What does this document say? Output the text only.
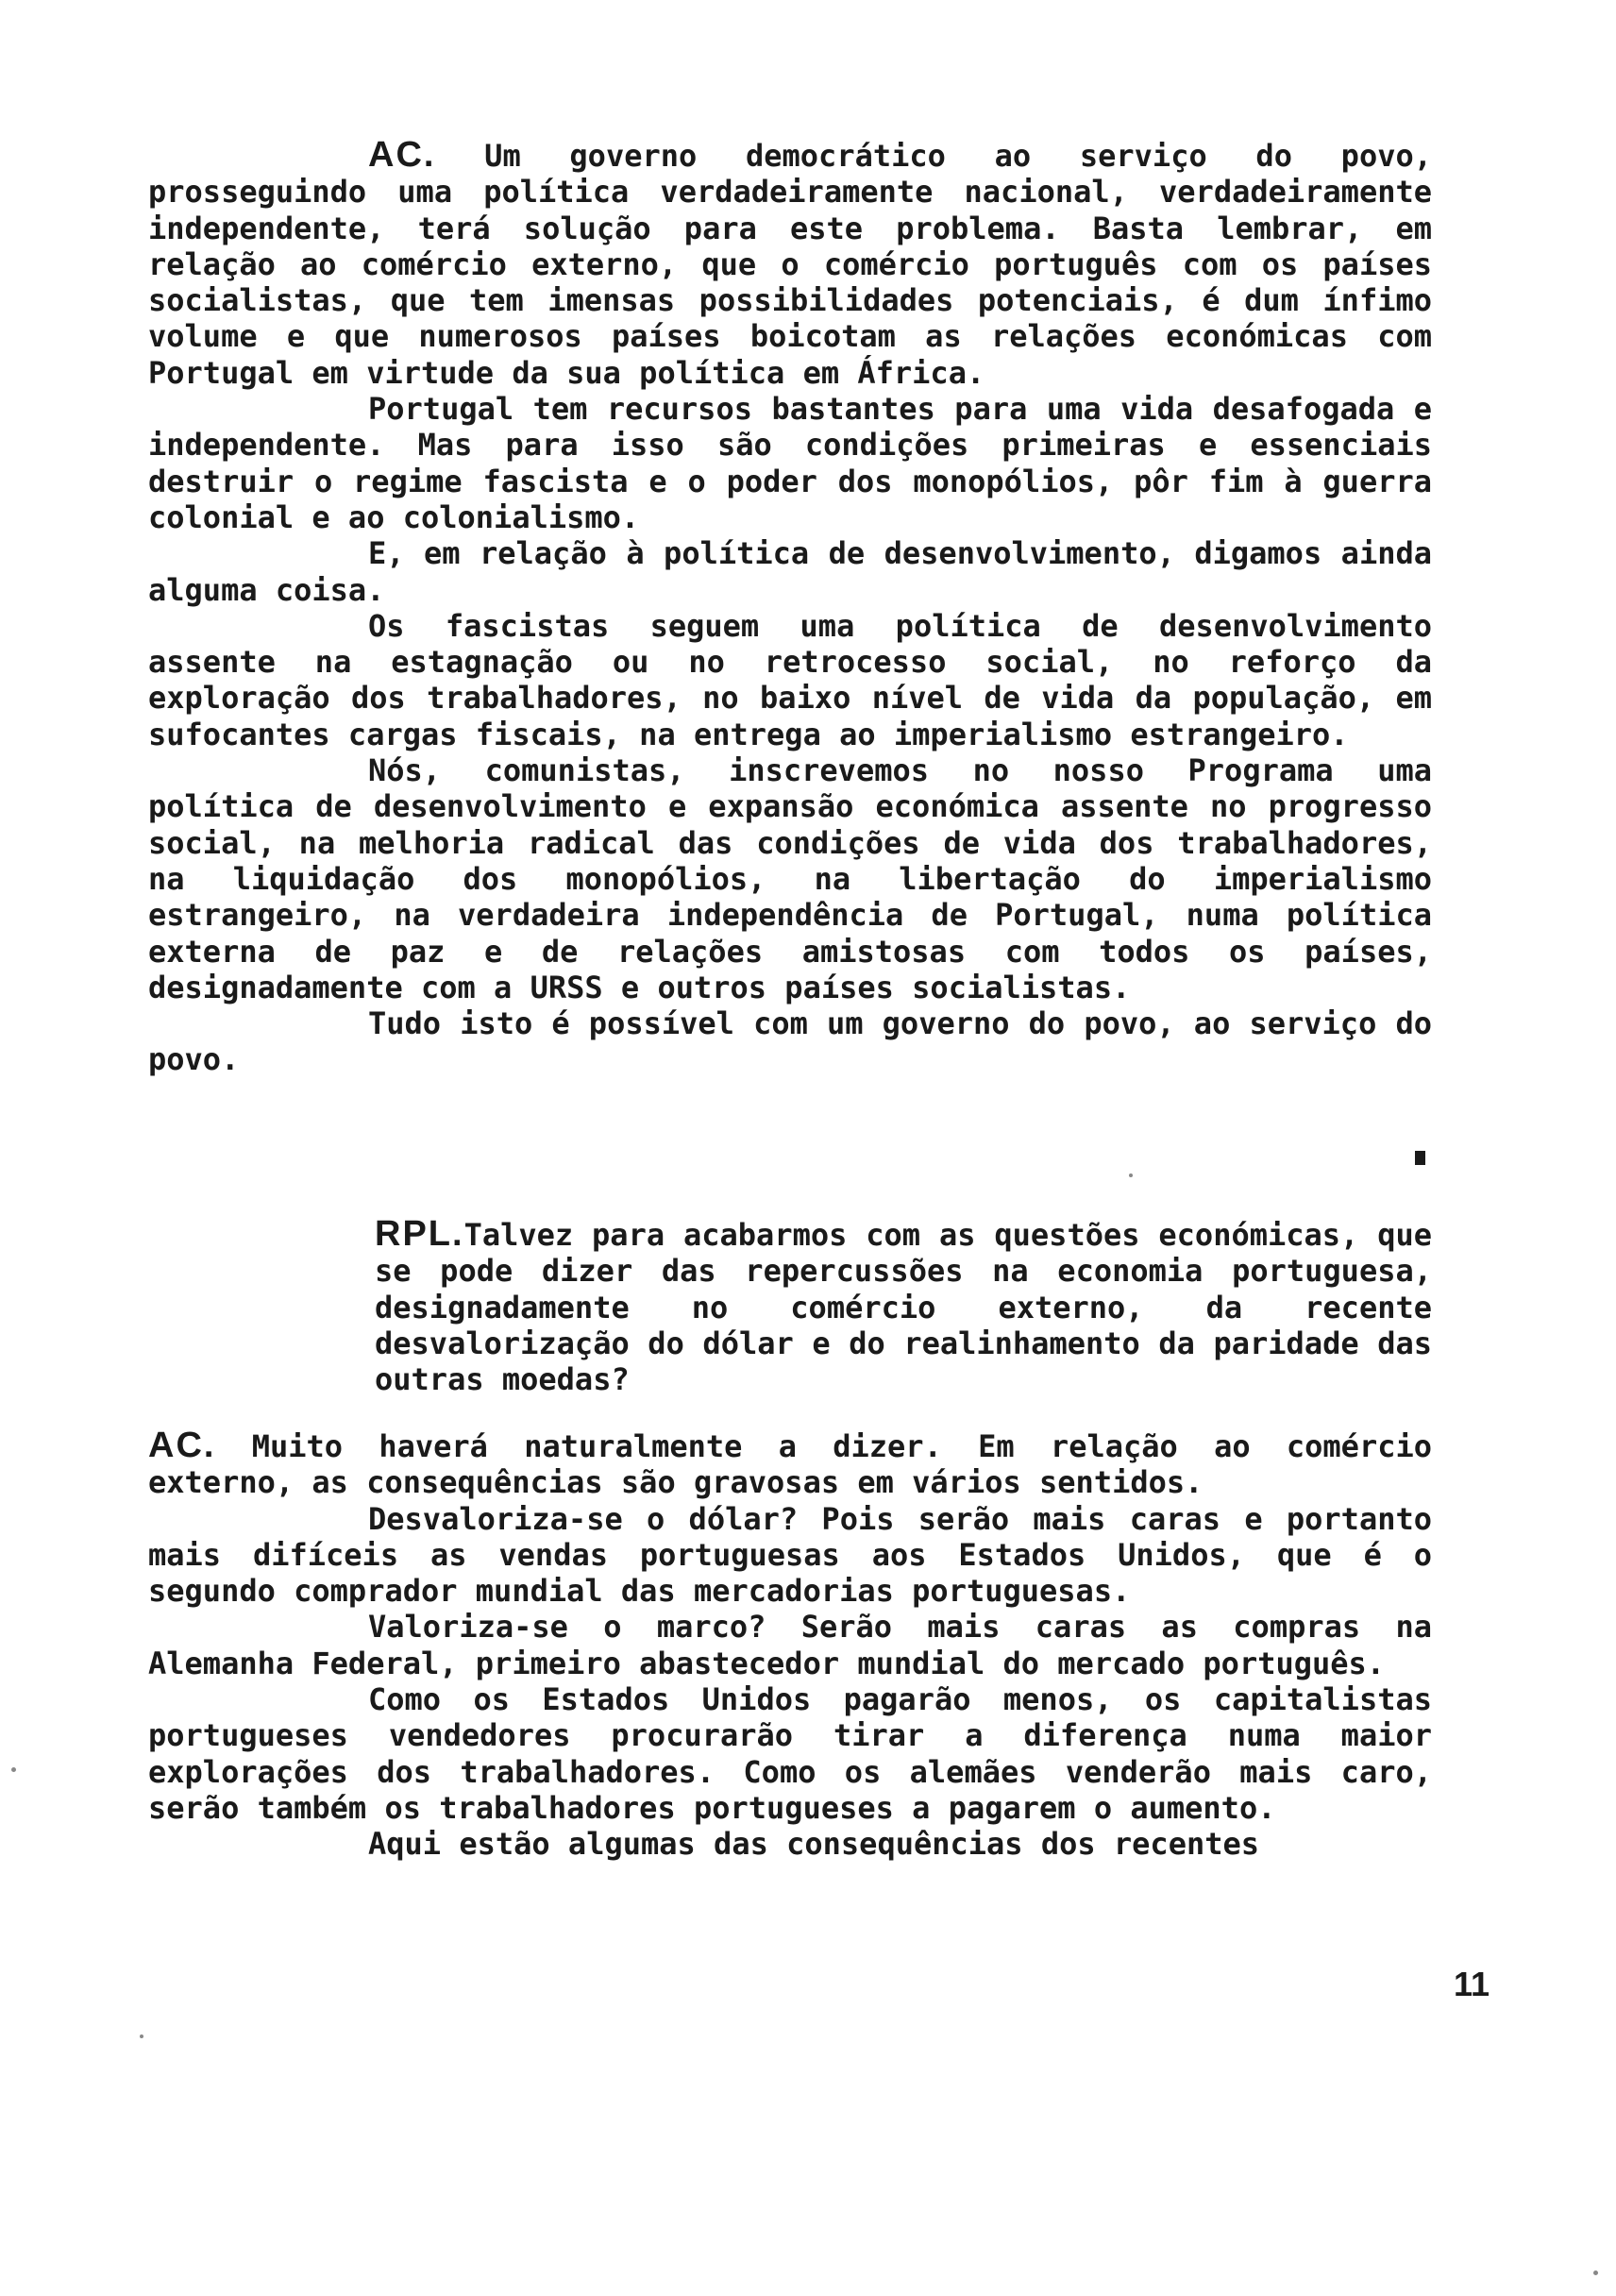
AC. Um governo democrático ao serviço do povo, prosseguindo uma política verdadeiramente nacional, verdadeiramente independente, terá solução para este problema. Basta lembrar, em relação ao comércio externo, que o comércio português com os países socialistas, que tem imensas possibilidades potenciais, é dum ínfimo volume e que numerosos países boicotam as relações económicas com Portugal em virtude da sua política em África.

Portugal tem recursos bastantes para uma vida desafogada e independente. Mas para isso são condições primeiras e essenciais destruir o regime fascista e o poder dos monopólios, pôr fim à guerra colonial e ao colonialismo.

E, em relação à política de desenvolvimento, digamos ainda alguma coisa.

Os fascistas seguem uma política de desenvolvimento assente na estagnação ou no retrocesso social, no reforço da exploração dos trabalhadores, no baixo nível de vida da população, em sufocantes cargas fiscais, na entrega ao imperialismo estrangeiro.

Nós, comunistas, inscrevemos no nosso Programa uma política de desenvolvimento e expansão económica assente no progresso social, na melhoria radical das condições de vida dos trabalhadores, na liquidação dos monopólios, na libertação do imperialismo estrangeiro, na verdadeira independência de Portugal, numa política externa de paz e de relações amistosas com todos os países, designadamente com a URSS e outros países socialistas.

Tudo isto é possível com um governo do povo, ao serviço do povo.

RPL.Talvez para acabarmos com as questões económicas, que se pode dizer das repercussões na economia portuguesa, designadamente no comércio externo, da recente desvalorização do dólar e do realinhamento da paridade das outras moedas?

AC. Muito haverá naturalmente a dizer. Em relação ao comércio externo, as consequências são gravosas em vários sentidos.

Desvaloriza-se o dólar? Pois serão mais caras e portanto mais difíceis as vendas portuguesas aos Estados Unidos, que é o segundo comprador mundial das mercadorias portuguesas.

Valoriza-se o marco? Serão mais caras as compras na Alemanha Federal, primeiro abastecedor mundial do mercado português.

Como os Estados Unidos pagarão menos, os capitalistas portugueses vendedores procurarão tirar a diferença numa maior explorações dos trabalhadores. Como os alemães venderão mais caro, serão também os trabalhadores portugueses a pagarem o aumento.

Aqui estão algumas das consequências dos recentes

11
